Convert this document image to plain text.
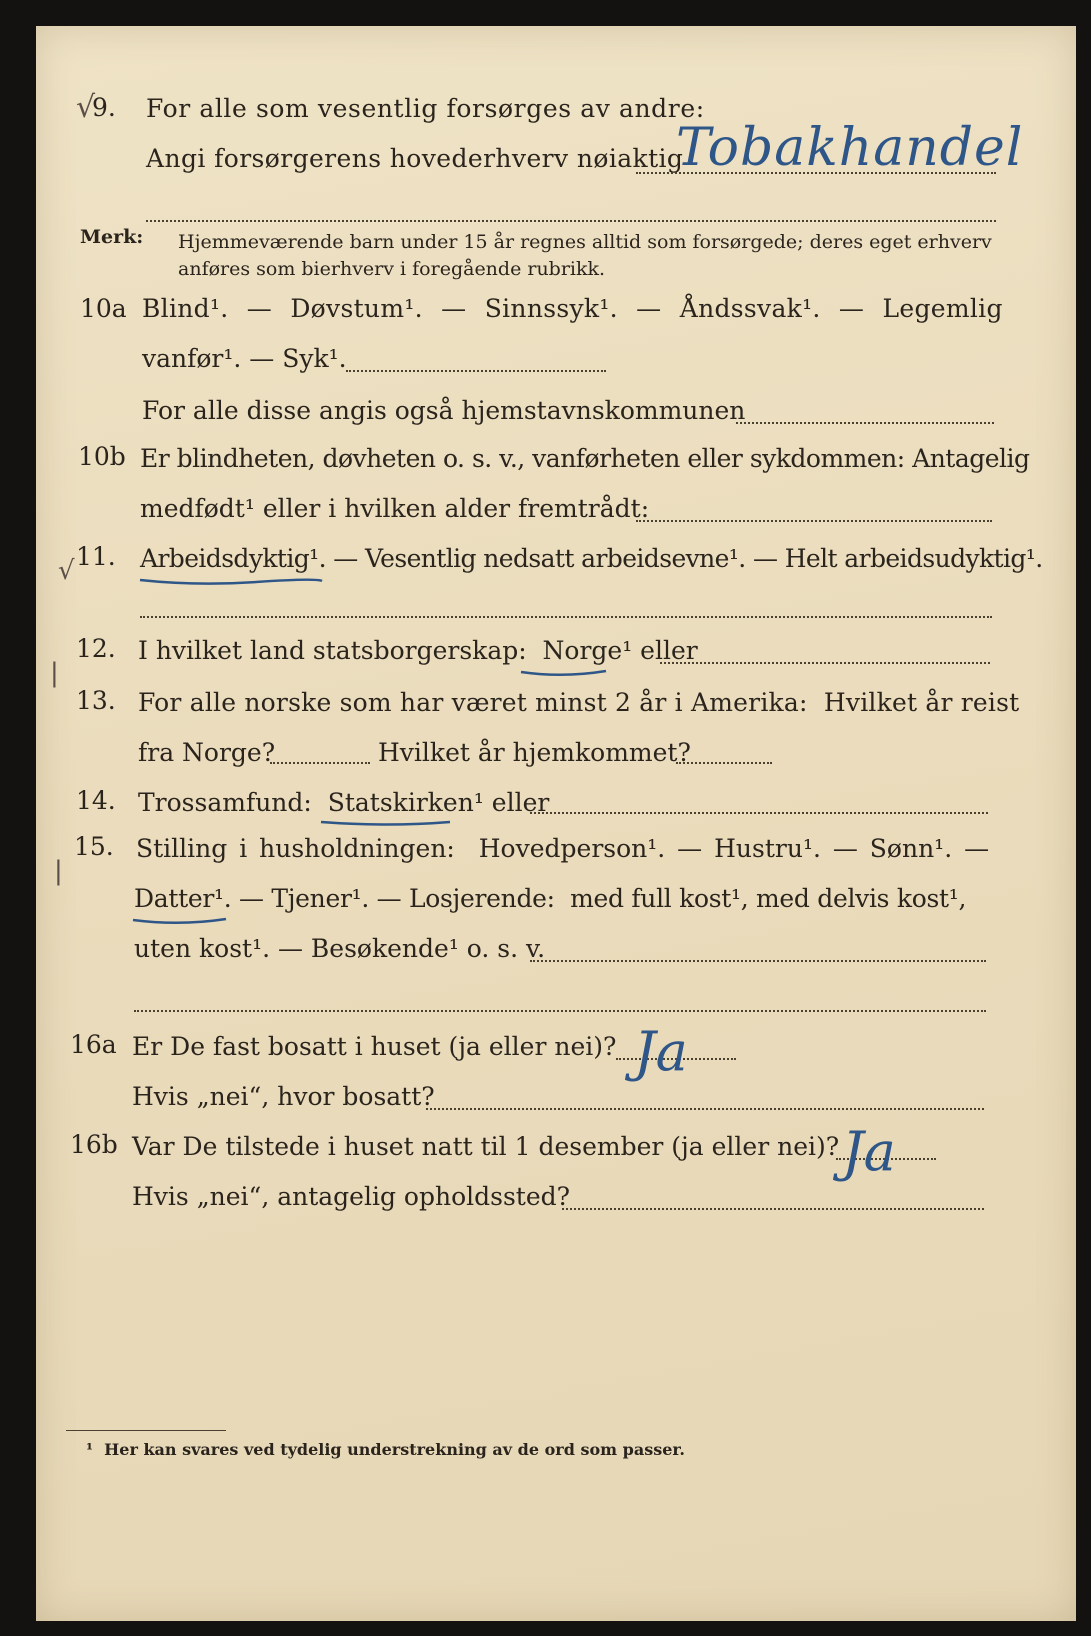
√
√
|
|
9. For alle som vesentlig forsørges av andre:
Angi forsørgerens hovederhverv nøiaktig
Tobakhandel
Merk: Hjemmeværende barn under 15 år regnes alltid som forsørgede; deres eget erhverv
anføres som bierhverv i foregående rubrikk.
10a Blind¹. — Døvstum¹. — Sinnssyk¹. — Åndssvak¹. — Legemlig
vanfør¹. — Syk¹.
For alle disse angis også hjemstavnskommunen
10b Er blindheten, døvheten o. s. v., vanførheten eller sykdommen: Antagelig
medfødt¹ eller i hvilken alder fremtrådt:
11. Arbeidsdyktig¹. — Vesentlig nedsatt arbeidsevne¹. — Helt arbeidsudyktig¹.
12. I hvilket land statsborgerskap:  Norge¹ eller
13. For alle norske som har været minst 2 år i Amerika:  Hvilket år reist
fra Norge?	Hvilket år hjemkommet?
14. Trossamfund:  Statskirken¹ eller
15. Stilling i husholdningen:  Hovedperson¹. — Hustru¹. — Sønn¹. —
Datter¹. — Tjener¹. — Losjerende:  med full kost¹, med delvis kost¹,
uten kost¹. — Besøkende¹ o. s. v.
16a Er De fast bosatt i huset (ja eller nei)? Ja
Hvis „nei“, hvor bosatt?
16b Var De tilstede i huset natt til 1 desember (ja eller nei)? Ja
Hvis „nei“, antagelig opholdssted?
¹  Her kan svares ved tydelig understrekning av de ord som passer.
